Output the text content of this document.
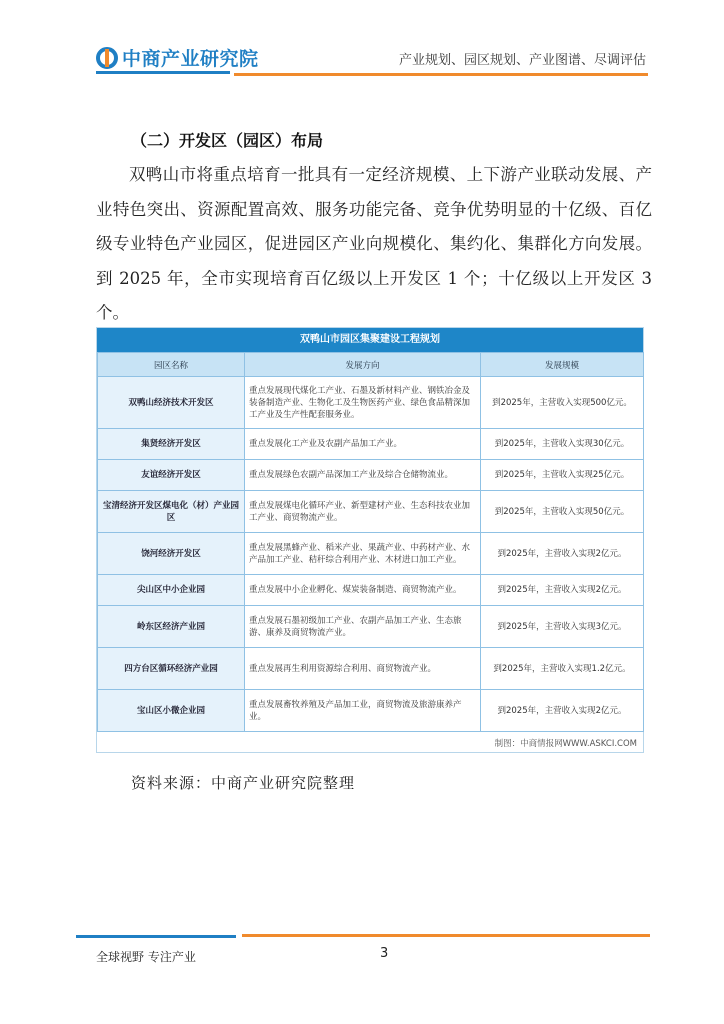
中商产业研究院	产业规划、园区规划、产业图谱、尽调评估
（二）开发区（园区）布局

双鸭山市将重点培育一批具有一定经济规模、上下游产业联动发展、产业特色突出、资源配置高效、服务功能完备、竞争优势明显的十亿级、百亿级专业特色产业园区，促进园区产业向规模化、集约化、集群化方向发展。到 2025 年，全市实现培育百亿级以上开发区 1 个；十亿级以上开发区 3 个。

双鸭山市园区集聚建设工程规划
园区名称	发展方向	发展规模
双鸭山经济技术开发区	重点发展现代煤化工产业、石墨及新材料产业、钢铁冶金及装备制造产业、生物化工及生物医药产业、绿色食品精深加工产业及生产性配套服务业。	到2025年，主营收入实现500亿元。
集贤经济开发区	重点发展化工产业及农副产品加工产业。	到2025年，主营收入实现30亿元。
友谊经济开发区	重点发展绿色农副产品深加工产业及综合仓储物流业。	到2025年，主营收入实现25亿元。
宝清经济开发区煤电化（材）产业园区	重点发展煤电化循环产业、新型建材产业、生态科技农业加工产业、商贸物流产业。	到2025年，主营收入实现50亿元。
饶河经济开发区	重点发展黑蜂产业、稻米产业、果蔬产业、中药材产业、水产品加工产业、秸秆综合利用产业、木材进口加工产业。	到2025年，主营收入实现2亿元。
尖山区中小企业园	重点发展中小企业孵化、煤炭装备制造、商贸物流产业。	到2025年，主营收入实现2亿元。
岭东区经济产业园	重点发展石墨初级加工产业、农副产品加工产业、生态旅游、康养及商贸物流产业。	到2025年，主营收入实现3亿元。
四方台区循环经济产业园	重点发展再生利用资源综合利用、商贸物流产业。	到2025年，主营收入实现1.2亿元。
宝山区小微企业园	重点发展畜牧养殖及产品加工业，商贸物流及旅游康养产业。	到2025年，主营收入实现2亿元。
制图：中商情报网WWW.ASKCI.COM
资料来源：中商产业研究院整理
全球视野 专注产业	3
